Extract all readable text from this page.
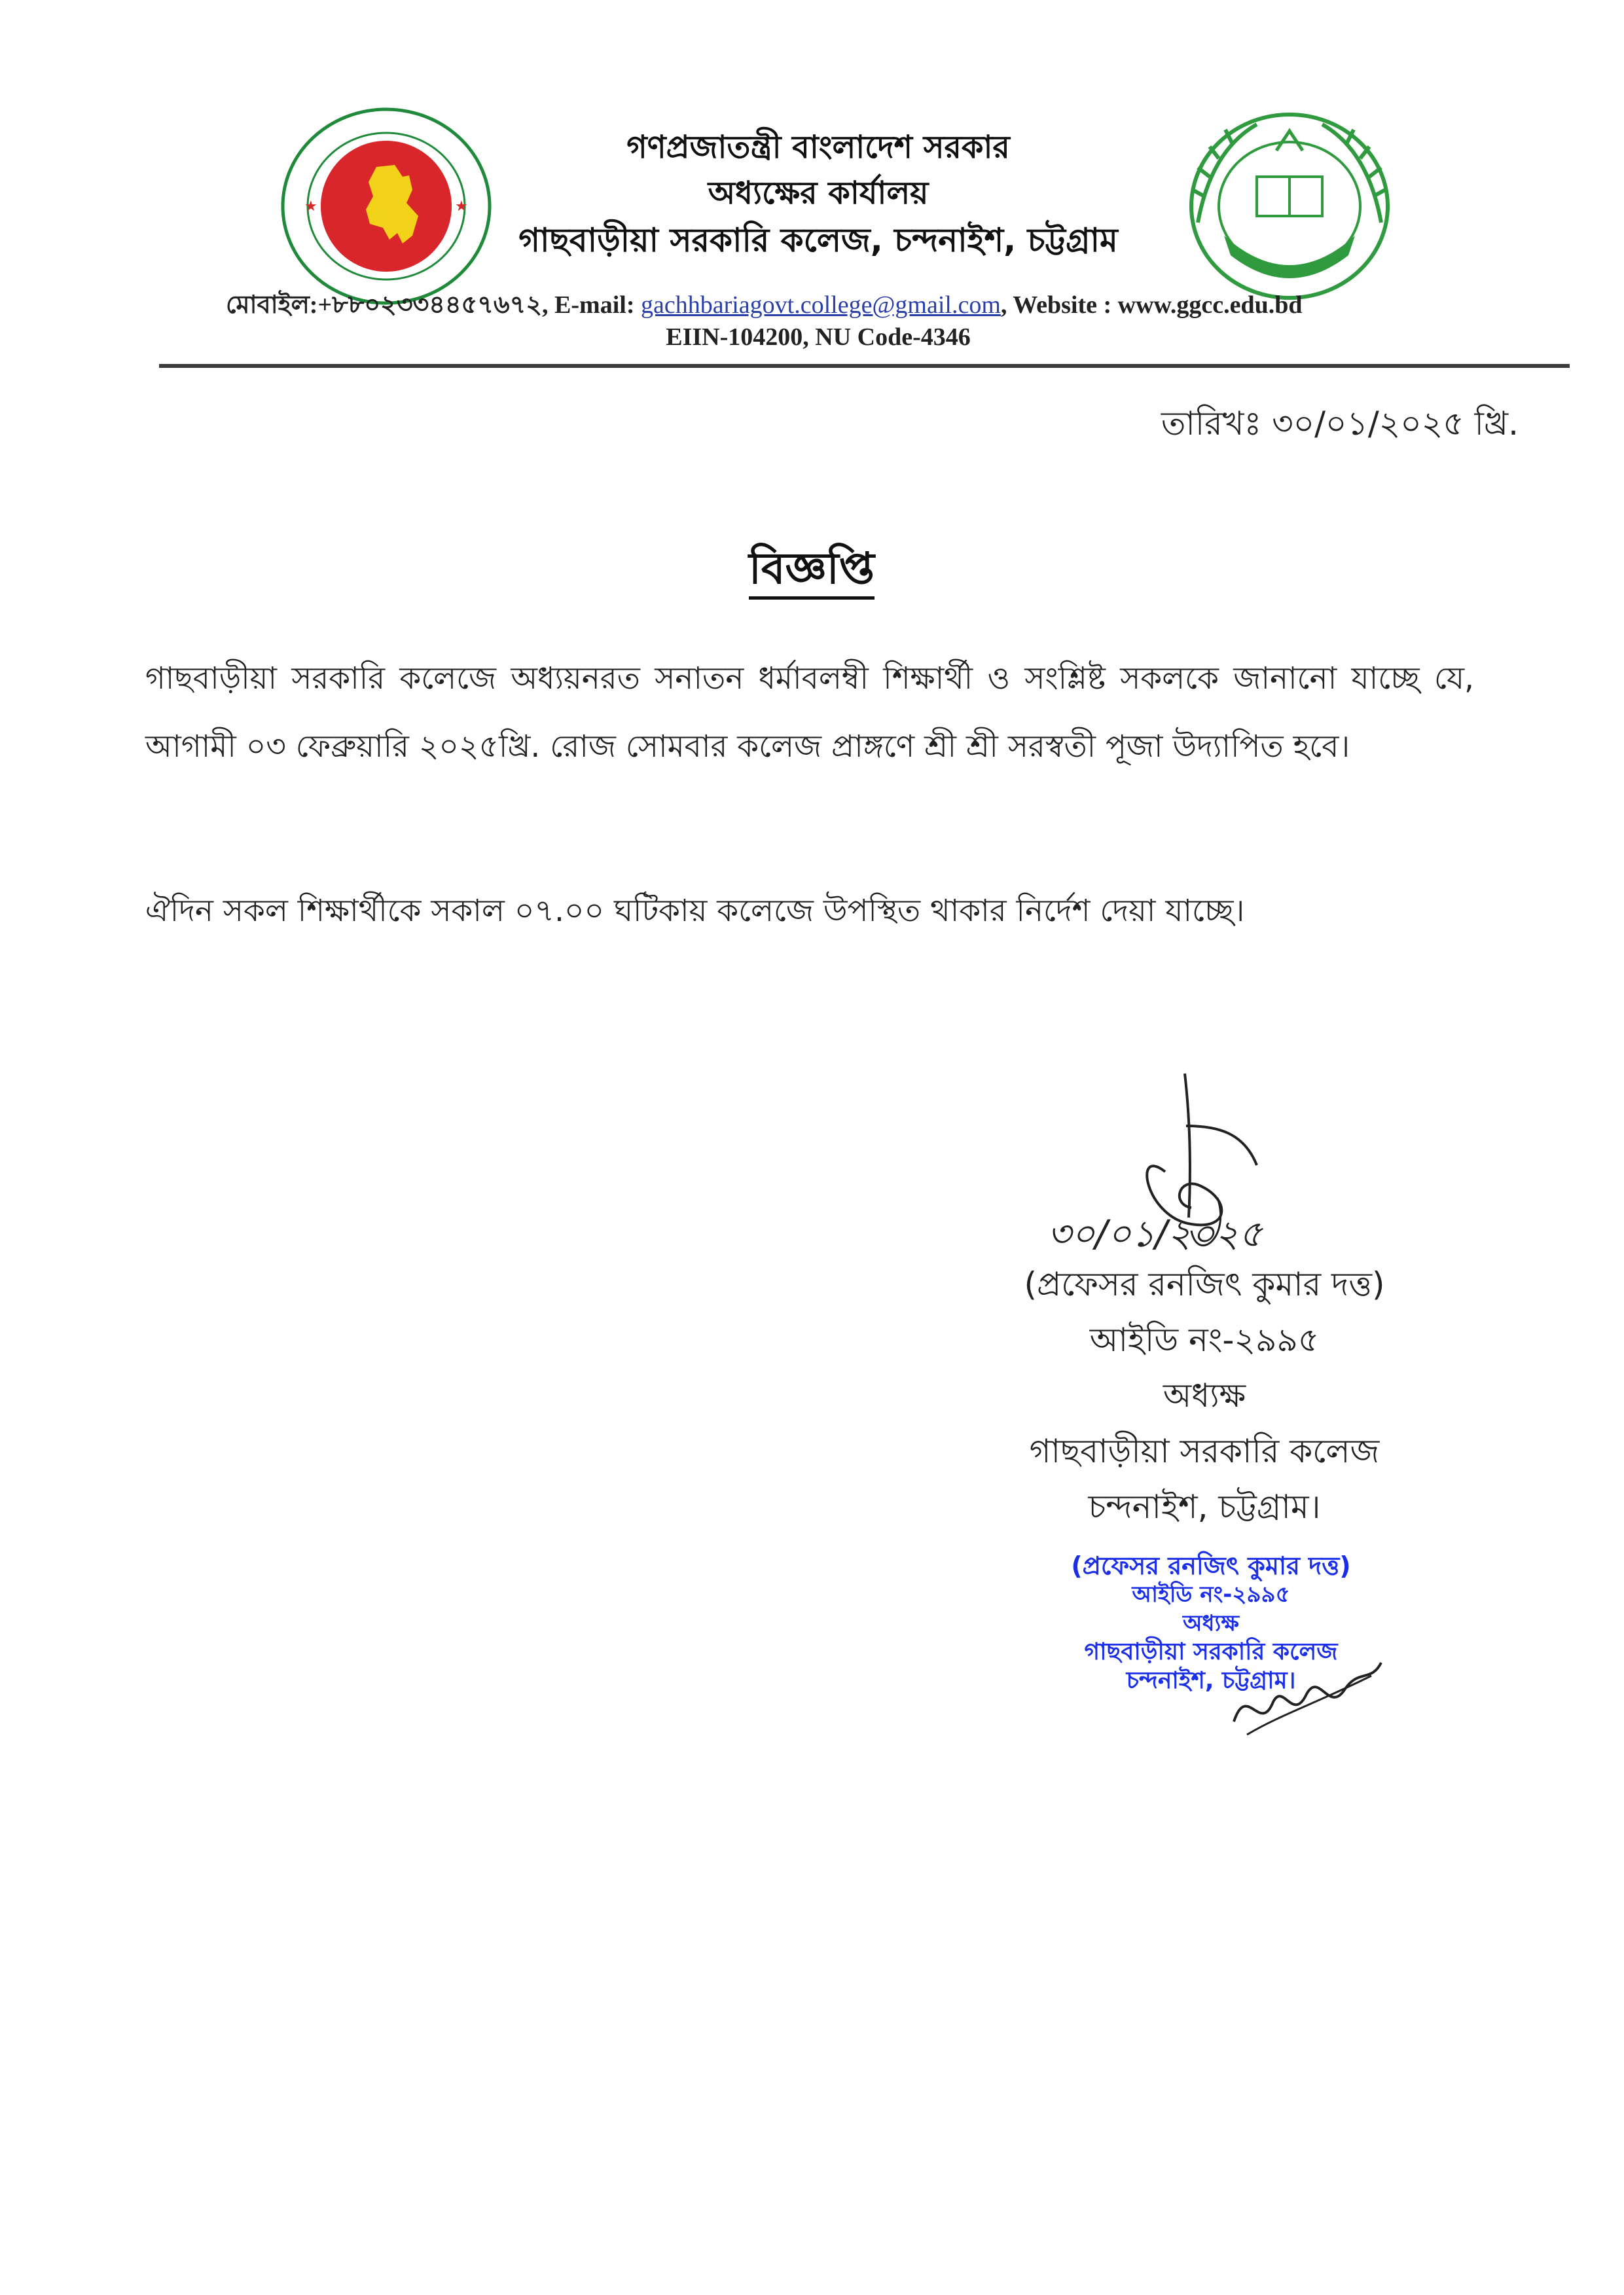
★	★
গণপ্রজাতন্ত্রী বাংলাদেশ সরকার
অধ্যক্ষের কার্যালয়
গাছবাড়ীয়া সরকারি কলেজ, চন্দনাইশ, চট্টগ্রাম
মোবাইল:+৮৮০২৩৩৪৪৫৭৬৭২, E-mail: gachhbariagovt.college@gmail.com, Website : www.ggcc.edu.bd
EIIN-104200, NU Code-4346
তারিখঃ ৩০/০১/২০২৫ খ্রি.
বিজ্ঞপ্তি
গাছবাড়ীয়া সরকারি কলেজে অধ্যয়নরত সনাতন ধর্মাবলম্বী শিক্ষার্থী ও সংশ্লিষ্ট সকলকে জানানো যাচ্ছে যে, আগামী ০৩ ফেব্রুয়ারি ২০২৫খ্রি. রোজ সোমবার কলেজ প্রাঙ্গণে শ্রী শ্রী সরস্বতী পূজা উদ্যাপিত হবে।
ঐদিন সকল শিক্ষার্থীকে সকাল ০৭.০০ ঘটিকায় কলেজে উপস্থিত থাকার নির্দেশ দেয়া যাচ্ছে।
৩০/০১/২০২৫
(প্রফেসর রনজিৎ কুমার দত্ত)
আইডি নং-২৯৯৫
অধ্যক্ষ
গাছবাড়ীয়া সরকারি কলেজ
চন্দনাইশ, চট্টগ্রাম।
(প্রফেসর রনজিৎ কুমার দত্ত)
আইডি নং-২৯৯৫
অধ্যক্ষ
গাছবাড়ীয়া সরকারি কলেজ
চন্দনাইশ, চট্টগ্রাম।
